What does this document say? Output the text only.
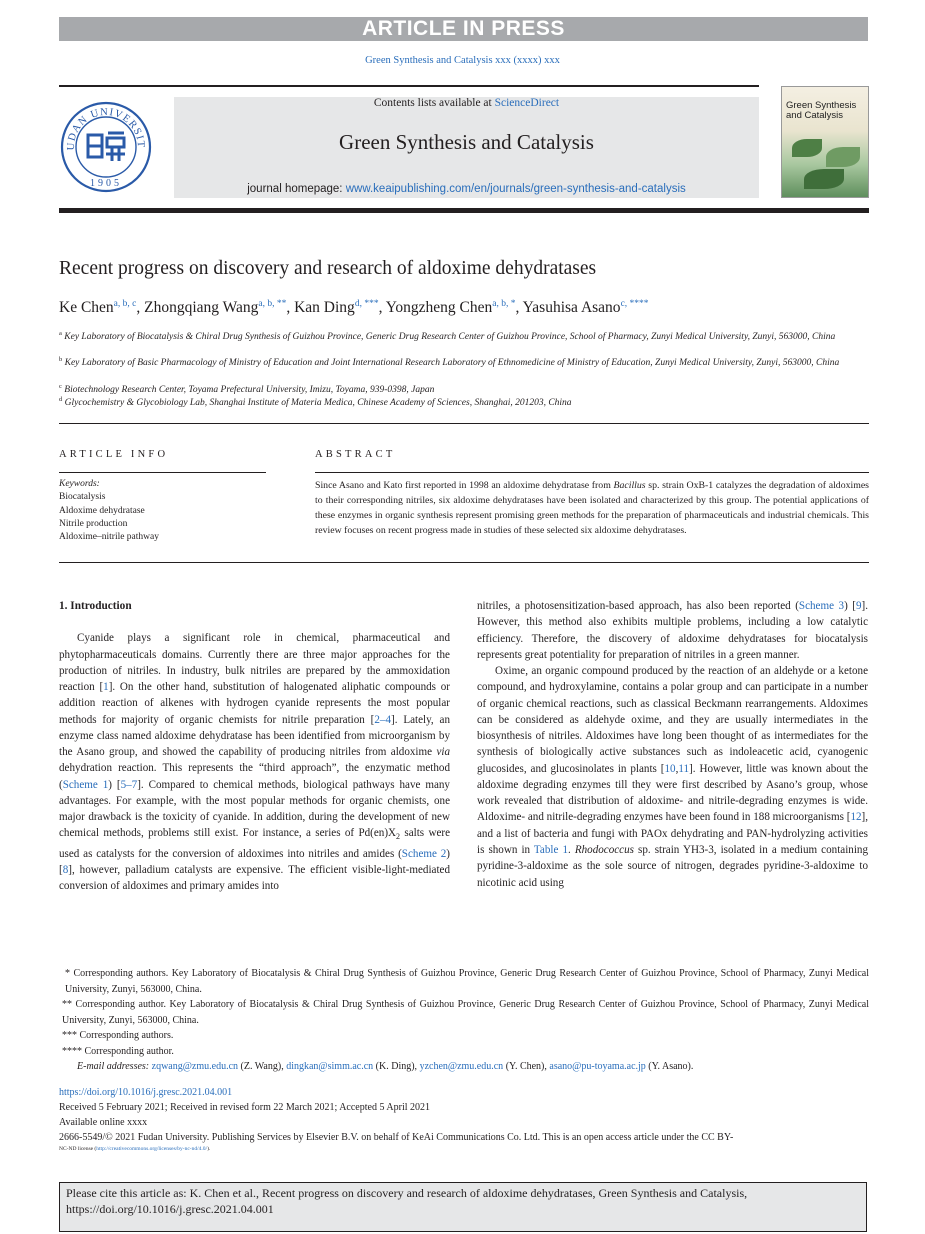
ARTICLE IN PRESS
Green Synthesis and Catalysis xxx (xxxx) xxx
UDAN UNIVERSIT
1905
Contents lists available at ScienceDirect
Green Synthesis and Catalysis
journal homepage: www.keaipublishing.com/en/journals/green-synthesis-and-catalysis
Green Synthesis
and Catalysis
Recent progress on discovery and research of aldoxime dehydratases
Ke Chen$^{a, b, c}$, Zhongqiang Wang$^{a, b, **}$, Kan Ding$^{d, ***}$, Yongzheng Chen$^{a, b, *}$, Yasuhisa Asano$^{c, ****}$
$^a$ Key Laboratory of Biocatalysis & Chiral Drug Synthesis of Guizhou Province, Generic Drug Research Center of Guizhou Province, School of Pharmacy, Zunyi Medical University, Zunyi, 563000, China
$^b$ Key Laboratory of Basic Pharmacology of Ministry of Education and Joint International Research Laboratory of Ethnomedicine of Ministry of Education, Zunyi Medical University, Zunyi, 563000, China
$^c$ Biotechnology Research Center, Toyama Prefectural University, Imizu, Toyama, 939-0398, Japan
$^d$ Glycochemistry & Glycobiology Lab, Shanghai Institute of Materia Medica, Chinese Academy of Sciences, Shanghai, 201203, China
ARTICLE INFO	ABSTRACT
Keywords:
Biocatalysis
Aldoxime dehydratase
Nitrile production
Aldoxime–nitrile pathway
Since Asano and Kato first reported in 1998 an aldoxime dehydratase from Bacillus sp. strain OxB-1 catalyzes the degradation of aldoximes to their corresponding nitriles, six aldoxime dehydratases have been isolated and characterized by this group. The potential applications of these enzymes in organic synthesis represent promising green methods for the preparation of pharmaceuticals and industrial chemicals. This review focuses on recent progress made in studies of these selected six aldoxime dehydratases.

1. Introduction

Cyanide plays a significant role in chemical, pharmaceutical and phytopharmaceuticals domains. Currently there are three major approaches for the production of nitriles. In industry, bulk nitriles are prepared by the ammoxidation reaction [1]. On the other hand, substitution of halogenated aliphatic compounds or addition reaction of alkenes with hydrogen cyanide represents the most popular methods for majority of organic chemists for nitrile preparation [2–4]. Lately, an enzyme class named aldoxime dehydratase has been identified from microorganism by the Asano group, and showed the capability of producing nitriles from aldoxime via dehydration reaction. This represents the “third approach”, the enzymatic method (Scheme 1) [5–7]. Compared to chemical methods, biological pathways have many advantages. For example, with the most popular methods for organic chemists, one major drawback is the toxicity of cyanide. In addition, during the development of new chemical methods, problems still exist. For instance, a series of $Pd(en)X_2$ salts were used as catalysts for the conversion of aldoximes into nitriles and amides (Scheme 2) [8], however, palladium catalysts are expensive. The efficient visible-light-mediated conversion of aldoximes and primary amides into

nitriles, a photosensitization-based approach, has also been reported (Scheme 3) [9]. However, this method also exhibits multiple problems, including a low catalytic efficiency. Therefore, the discovery of aldoxime dehydratases for biocatalysis represents great potentiality for preparation of nitriles in a green manner.

Oxime, an organic compound produced by the reaction of an aldehyde or a ketone compound, and hydroxylamine, contains a polar group and can participate in a number of organic chemical reactions, such as classical Beckmann rearrangements. Aldoximes can be considered as aldehyde oxime, and they are usually intermediates in the biosynthesis of nitriles. Aldoximes have long been thought of as intermediates for the synthesis of biologically active substances such as indoleacetic acid, cyanogenic glucosides, and glucosinolates in plants [10,11]. However, little was known about the aldoxime degrading enzymes till they were first described by Asano’s group, whose work revealed that distribution of aldoxime- and nitrile-degrading enzymes is wide. Aldoxime- and nitrile-degrading enzymes have been found in 188 microorganisms [12], and a list of bacteria and fungi with PAOx dehydrating and PAN-hydrolyzing activities is shown in Table 1. Rhodococcus sp. strain YH3-3, isolated in a medium containing pyridine-3-aldoxime as the sole source of nitrogen, degrades pyridine-3-aldoxime to nicotinic acid using

* Corresponding authors. Key Laboratory of Biocatalysis & Chiral Drug Synthesis of Guizhou Province, Generic Drug Research Center of Guizhou Province, School of Pharmacy, Zunyi Medical University, Zunyi, 563000, China.

** Corresponding author. Key Laboratory of Biocatalysis & Chiral Drug Synthesis of Guizhou Province, Generic Drug Research Center of Guizhou Province, School of Pharmacy, Zunyi Medical University, Zunyi, 563000, China.

*** Corresponding authors.

**** Corresponding author.

E-mail addresses: zqwang@zmu.edu.cn (Z. Wang), dingkan@simm.ac.cn (K. Ding), yzchen@zmu.edu.cn (Y. Chen), asano@pu-toyama.ac.jp (Y. Asano).

https://doi.org/10.1016/j.gresc.2021.04.001

Received 5 February 2021; Received in revised form 22 March 2021; Accepted 5 April 2021

Available online xxxx

2666-5549/© 2021 Fudan University. Publishing Services by Elsevier B.V. on behalf of KeAi Communications Co. Ltd. This is an open access article under the CC BY-

NC-ND license (http://creativecommons.org/licenses/by-nc-nd/4.0/).

Please cite this article as: K. Chen et al., Recent progress on discovery and research of aldoxime dehydratases, Green Synthesis and Catalysis, https://doi.org/10.1016/j.gresc.2021.04.001
